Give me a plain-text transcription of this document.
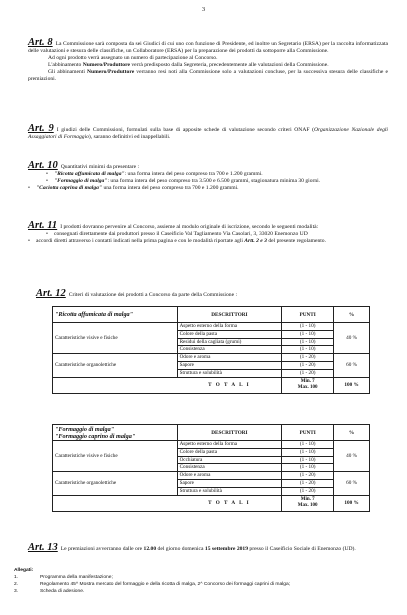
3
Art. 8 La Commissione sarà composta da sei Giudici di cui uno con funzione di Presidente, ed inoltre un Segretario (ERSA) per la raccolta informatizzata delle valutazioni e stesura delle classifiche, un Collaboratore (ERSA) per la preparazione dei prodotti da sottoporre alla Commissione.
Ad ogni prodotto verrà assegnato un numero di partecipazione al Concorso.
L'abbinamento Numero/Produttore verrà predisposto dalla Segreteria, precedentemente alle valutazioni della Commissione.
Gli abbinamenti Numero/Produttore verranno resi noti alla Commissione solo a valutazioni concluse, per la successiva stesura delle classifiche e premiazioni.
Art. 9 I giudizi delle Commissioni, formulati sulla base di apposite schede di valutazione secondo criteri ONAF (Organizzazione Nazionale degli Assaggiatori di Formaggio), saranno definitivi ed inappellabili.
Art. 10 Quantitativi minimi da presentare :
•	"Ricotta affumicata di malga": una forma intera del peso compreso tra 700 e 1.200 grammi.
•	"Formaggio di malga": una forma intera del peso compreso tra 3.500 e 6.500 grammi, stagionatura minima 30 giorni.
•	"Caciotta caprina di malga" una forma intera del peso compreso tra 700 e 1.200 grammi.
Art. 11 I prodotti dovranno pervenire al Concorso, assieme al modulo originale di iscrizione, secondo le seguenti modalità:
•	consegnati direttamente dai produttori presso il Caseificio Val Tagliamento Via Casolari, 3, 33020 Enemonzo UD
•	accordi diretti attraverso i contatti indicati nella prima pagina e con le modalità riportate agli Artt. 2 e 3 del presente regolamento.
Art. 12 Criteri di valutazione dei prodotti a Concorso da parte della Commissione :
"Ricotta affumicata di malga"	DESCRITTORI	PUNTI	%
Caratteristiche visive e fisiche	Aspetto esterno della forma	(1 - 10)	40 %
	Colore della pasta	(1 - 10)	
	Residui della cagliata (grumi)	(1 - 10)	
	Consistenza	(1 - 10)	
Caratteristiche organolettiche	Odore e aroma	(1 - 20)	60 %
	Sapore	(1 - 20)	
	Struttura e solubilità	(1 - 20)	
	T O T A L I	Min. 7
Max. 100	100 %
"Formaggio di malga"
"Formaggio caprino di malga"	DESCRITTORI	PUNTI	%
Caratteristiche visive e fisiche	Aspetto esterno della forma	(1 - 10)	40 %
	Colore della pasta	(1 - 10)	
	Occhiatura	(1 - 10)	
	Consistenza	(1 - 10)	
Caratteristiche organolettiche	Odore e aroma	(1 - 20)	60 %
	Sapore	(1 - 20)	
	Struttura e solubilità	(1 - 20)	
	T O T A L I	Min. 7
Max. 100	100 %
Art. 13 Le premiazioni avverranno dalle ore 12.00 del giorno domenica 15 settembre 2019 presso il Caseificio Sociale di Enemonzo (UD).
Allegati:
1.	Programma della manifestazione;
2.	Regolamento 45^ Mostra mercato del formaggio e della ricotta di malga, 2^ Concorso dei formaggi caprini di malga;
3.	Scheda di adesione.
